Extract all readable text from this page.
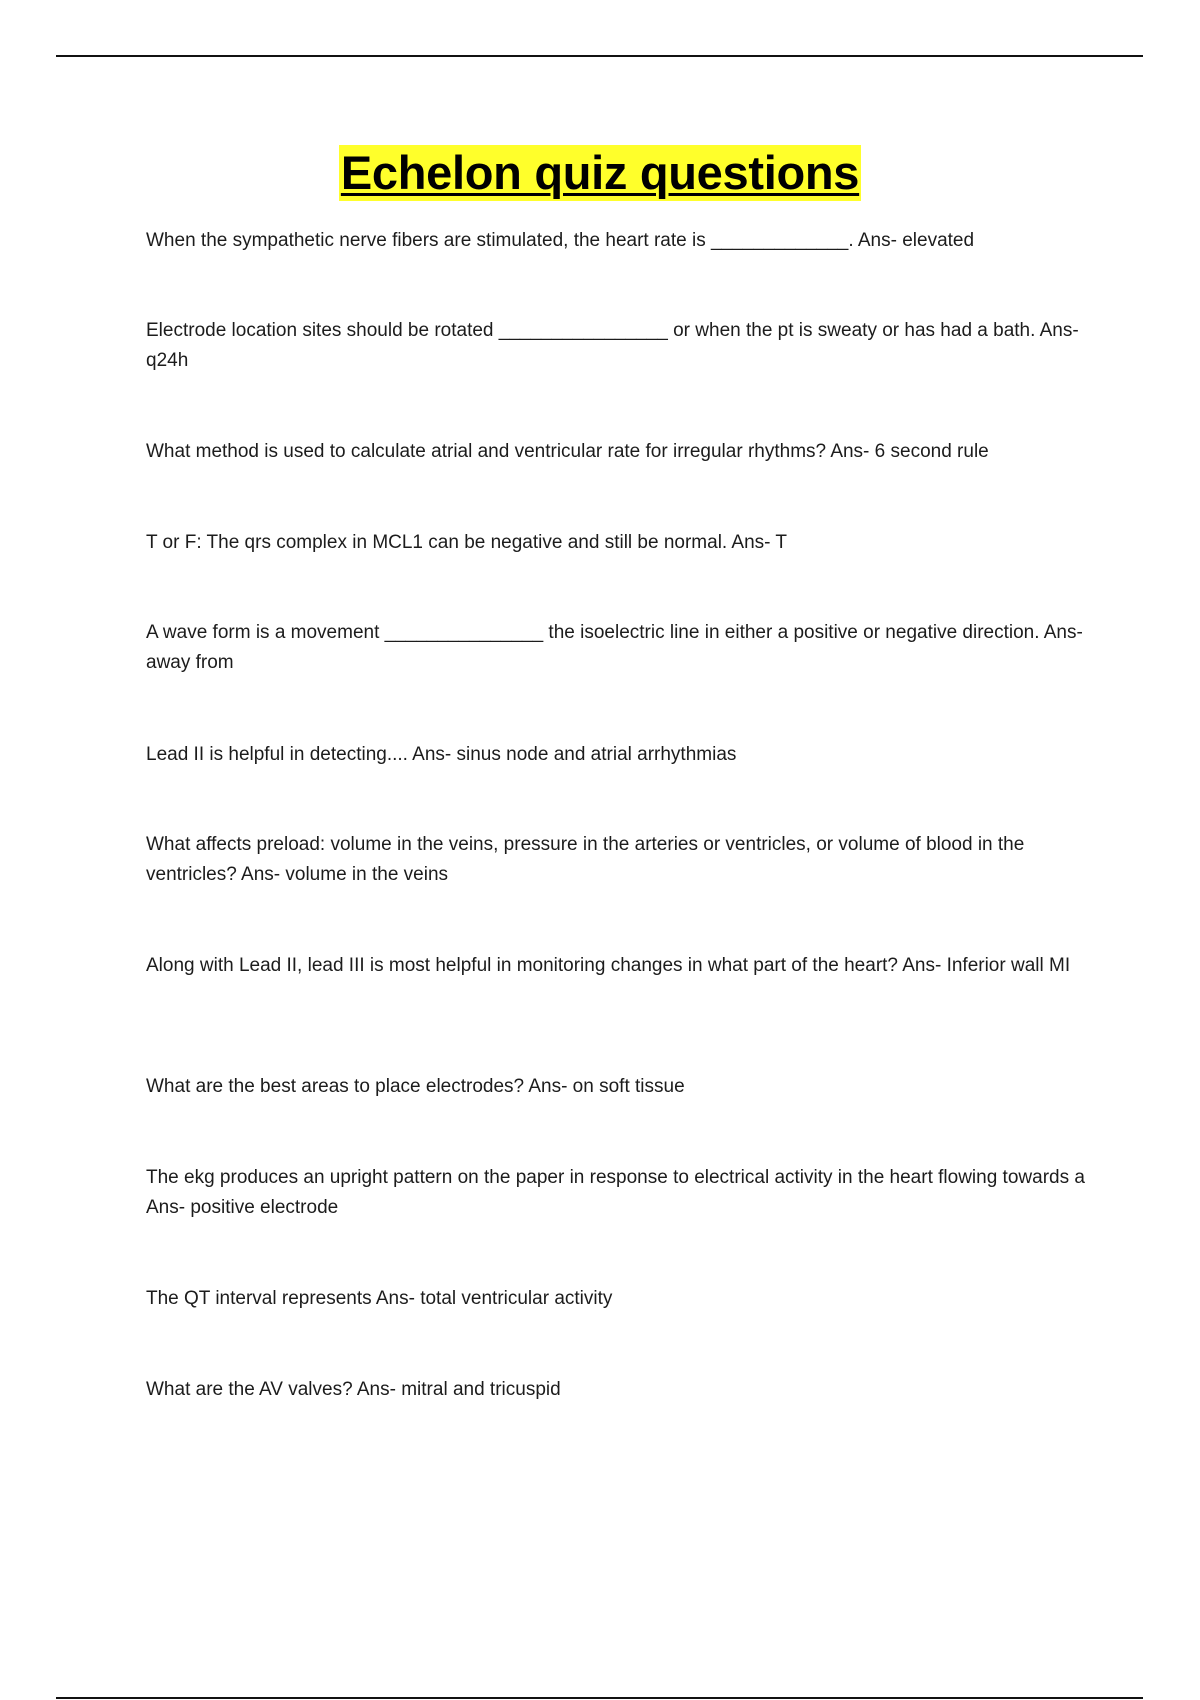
Echelon quiz questions

When the sympathetic nerve fibers are stimulated, the heart rate is _____________. Ans- elevated

Electrode location sites should be rotated ________________ or when the pt is sweaty or has had a bath. Ans- q24h

What method is used to calculate atrial and ventricular rate for irregular rhythms? Ans- 6 second rule

T or F: The qrs complex in MCL1 can be negative and still be normal. Ans- T

A wave form is a movement _______________ the isoelectric line in either a positive or negative direction. Ans- away from

Lead II is helpful in detecting.... Ans- sinus node and atrial arrhythmias

What affects preload: volume in the veins, pressure in the arteries or ventricles, or volume of blood in the ventricles? Ans- volume in the veins

Along with Lead II, lead III is most helpful in monitoring changes in what part of the heart? Ans- Inferior wall MI

What are the best areas to place electrodes? Ans- on soft tissue

The ekg produces an upright pattern on the paper in response to electrical activity in the heart flowing towards a Ans- positive electrode

The QT interval represents Ans- total ventricular activity

What are the AV valves? Ans- mitral and tricuspid
